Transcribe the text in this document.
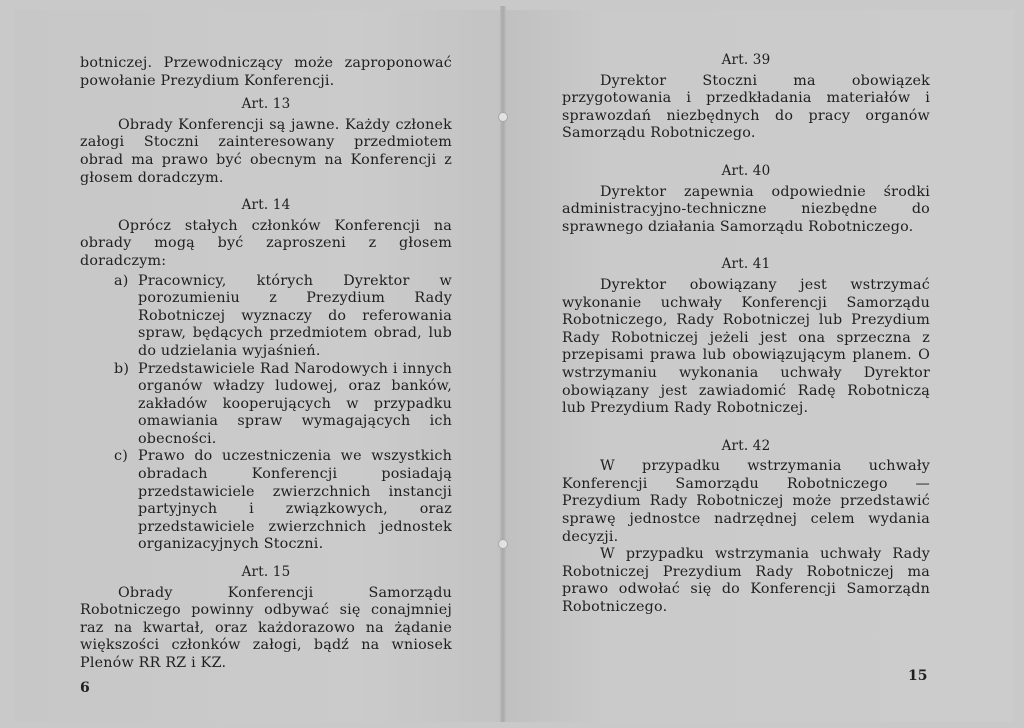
botniczej. Przewodniczący może zaproponować powołanie Prezydium Konferencji.

Art. 13

Obrady Konferencji są jawne. Każdy członek załogi Stoczni zainteresowany przedmiotem obrad ma prawo być obecnym na Konferencji z głosem doradczym.

Art. 14

Oprócz stałych członków Konferencji na obrady mogą być zaproszeni z głosem doradczym:

a) Pracownicy, których Dyrektor w porozumieniu z Prezydium Rady Robotniczej wyznaczy do referowania spraw, będących przedmiotem obrad, lub do udzielania wyjaśnień.
b) Przedstawiciele Rad Narodowych i innych organów władzy ludowej, oraz banków, zakładów kooperujących w przypadku omawiania spraw wymagających ich obecności.
c) Prawo do uczestniczenia we wszystkich obradach Konferencji posiadają przedstawiciele zwierzchnich instancji partyjnych i związkowych, oraz przedstawiciele zwierzchnich jednostek organizacyjnych Stoczni.
Art. 15

Obrady Konferencji Samorządu Robotniczego powinny odbywać się conajmniej raz na kwartał, oraz każdorazowo na żądanie większości członków załogi, bądź na wniosek Plenów RR RZ i KZ.

6
Art. 39

Dyrektor Stoczni ma obowiązek przygotowania i przedkładania materiałów i sprawozdań niezbędnych do pracy organów Samorządu Robotniczego.

Art. 40

Dyrektor zapewnia odpowiednie środki administracyjno-techniczne niezbędne do sprawnego działania Samorządu Robotniczego.

Art. 41

Dyrektor obowiązany jest wstrzymać wykonanie uchwały Konferencji Samorządu Robotniczego, Rady Robotniczej lub Prezydium Rady Robotniczej jeżeli jest ona sprzeczna z przepisami prawa lub obowiązującym planem. O wstrzymaniu wykonania uchwały Dyrektor obowiązany jest zawiadomić Radę Robotniczą lub Prezydium Rady Robotniczej.

Art. 42

W przypadku wstrzymania uchwały Konferencji Samorządu Robotniczego — Prezydium Rady Robotniczej może przedstawić sprawę jednostce nadrzędnej celem wydania decyzji.

W przypadku wstrzymania uchwały Rady Robotniczej Prezydium Rady Robotniczej ma prawo odwołać się do Konferencji Samorządn Robotniczego.

15
